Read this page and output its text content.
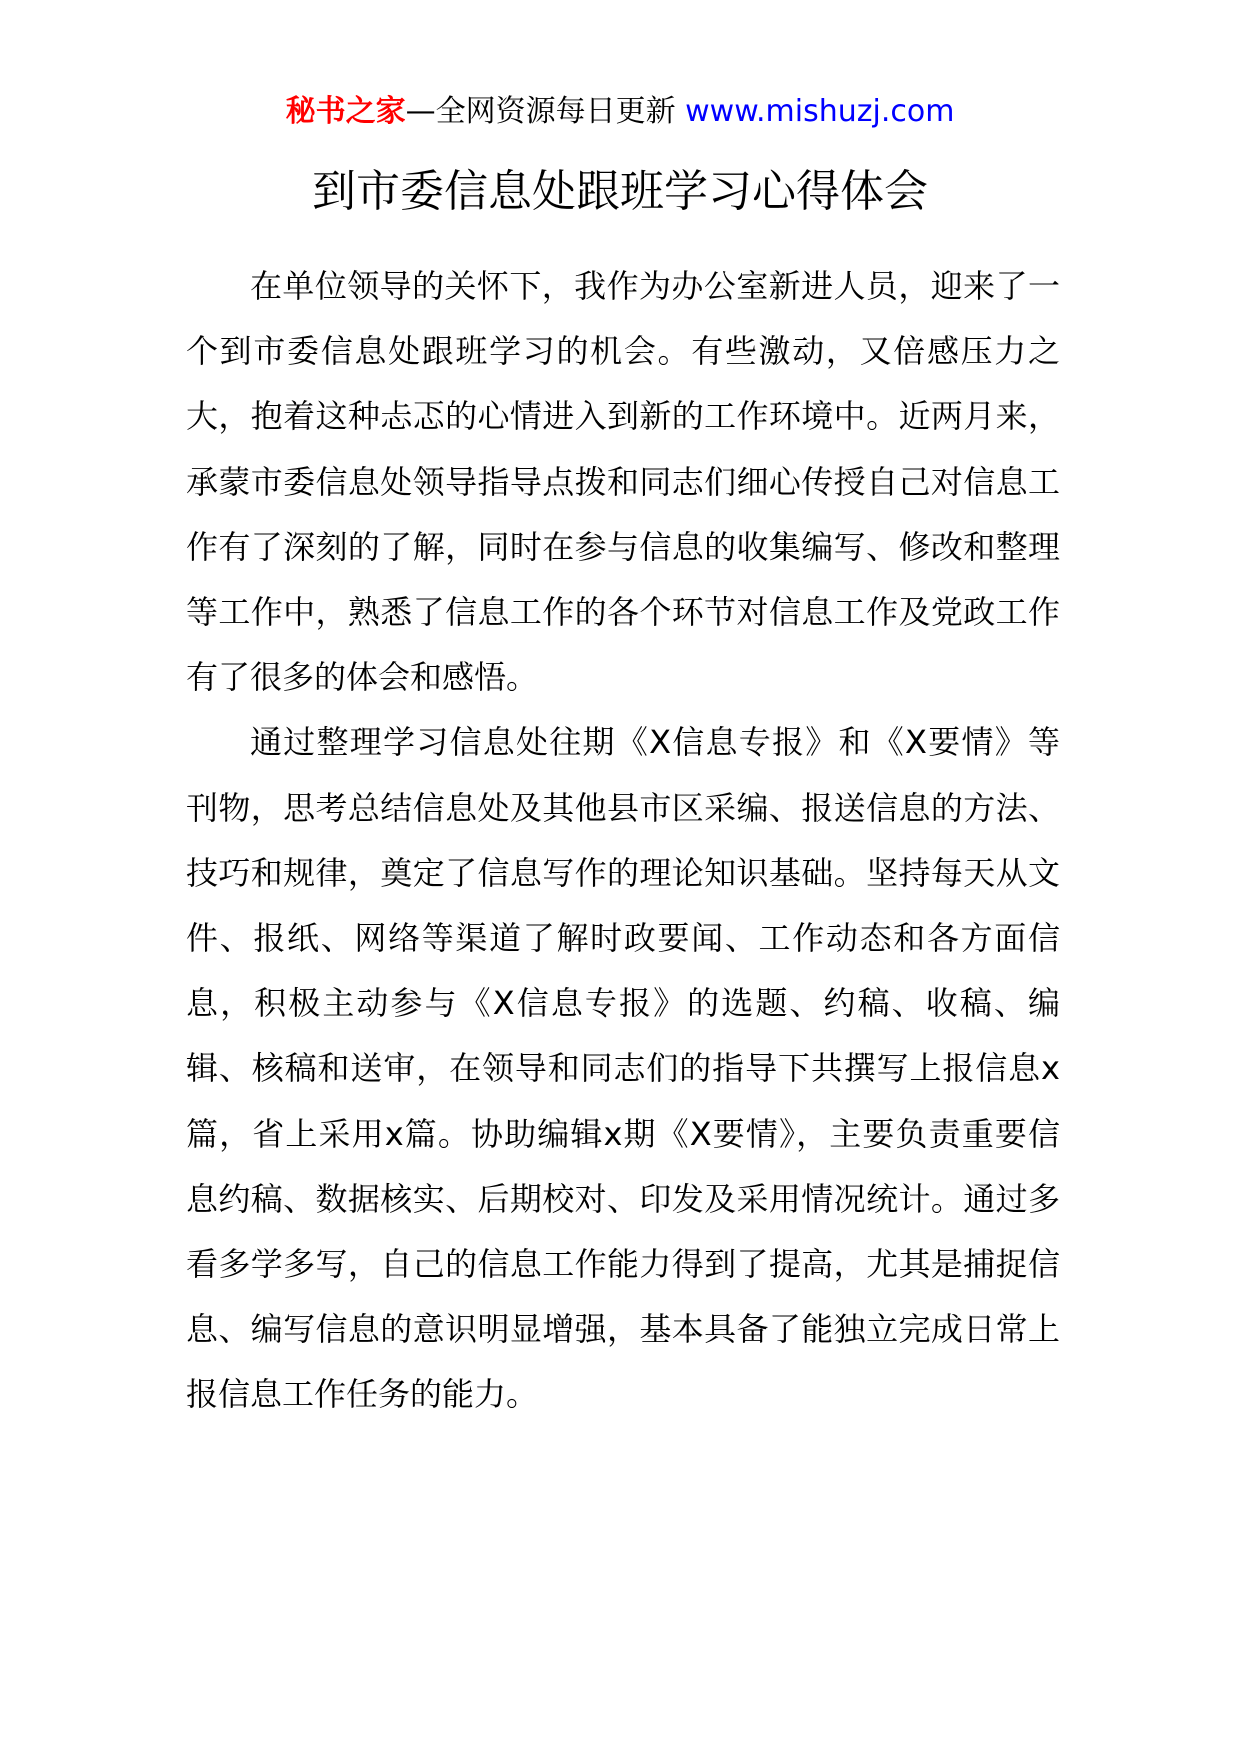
秘书之家—全网资源每日更新 www.mishuzj.com
到市委信息处跟班学习心得体会

在单位领导的关怀下，我作为办公室新进人员，迎来了一个到市委信息处跟班学习的机会。有些激动，又倍感压力之大，抱着这种忐忑的心情进入到新的工作环境中。近两月来，承蒙市委信息处领导指导点拨和同志们细心传授自己对信息工作有了深刻的了解，同时在参与信息的收集编写、修改和整理等工作中，熟悉了信息工作的各个环节对信息工作及党政工作有了很多的体会和感悟。

通过整理学习信息处往期《X信息专报》和《X要情》等刊物，思考总结信息处及其他县市区采编、报送信息的方法、技巧和规律，奠定了信息写作的理论知识基础。坚持每天从文件、报纸、网络等渠道了解时政要闻、工作动态和各方面信息，积极主动参与《X信息专报》的选题、约稿、收稿、编辑、核稿和送审，在领导和同志们的指导下共撰写上报信息x篇，省上采用x篇。协助编辑x期《X要情》，主要负责重要信息约稿、数据核实、后期校对、印发及采用情况统计。通过多看多学多写，自己的信息工作能力得到了提高，尤其是捕捉信息、编写信息的意识明显增强，基本具备了能独立完成日常上报信息工作任务的能力。
